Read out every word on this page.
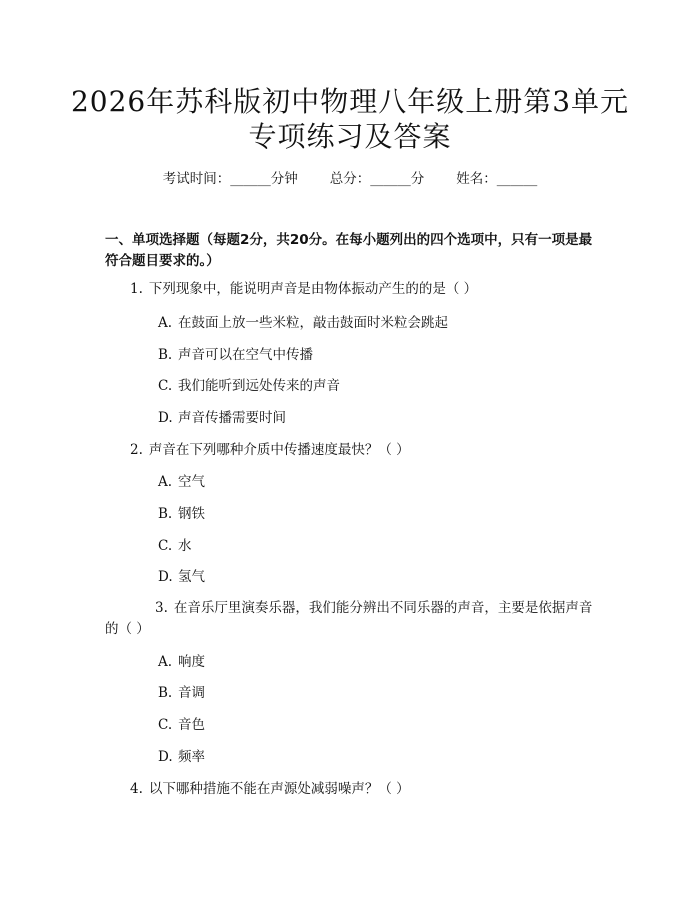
2026年苏科版初中物理八年级上册第3单元
专项练习及答案
考试时间：______分钟 总分：______分 姓名：______
一、单项选择题（每题2分，共20分。在每小题列出的四个选项中，只有一项是最符合题目要求的。）
1. 下列现象中，能说明声音是由物体振动产生的的是（ ）
A. 在鼓面上放一些米粒，敲击鼓面时米粒会跳起
B. 声音可以在空气中传播
C. 我们能听到远处传来的声音
D. 声音传播需要时间
2. 声音在下列哪种介质中传播速度最快？（ ）
A. 空气
B. 钢铁
C. 水
D. 氢气
3. 在音乐厅里演奏乐器，我们能分辨出不同乐器的声音，主要是依据声音的（ ）
A. 响度
B. 音调
C. 音色
D. 频率
4. 以下哪种措施不能在声源处减弱噪声？（ ）
